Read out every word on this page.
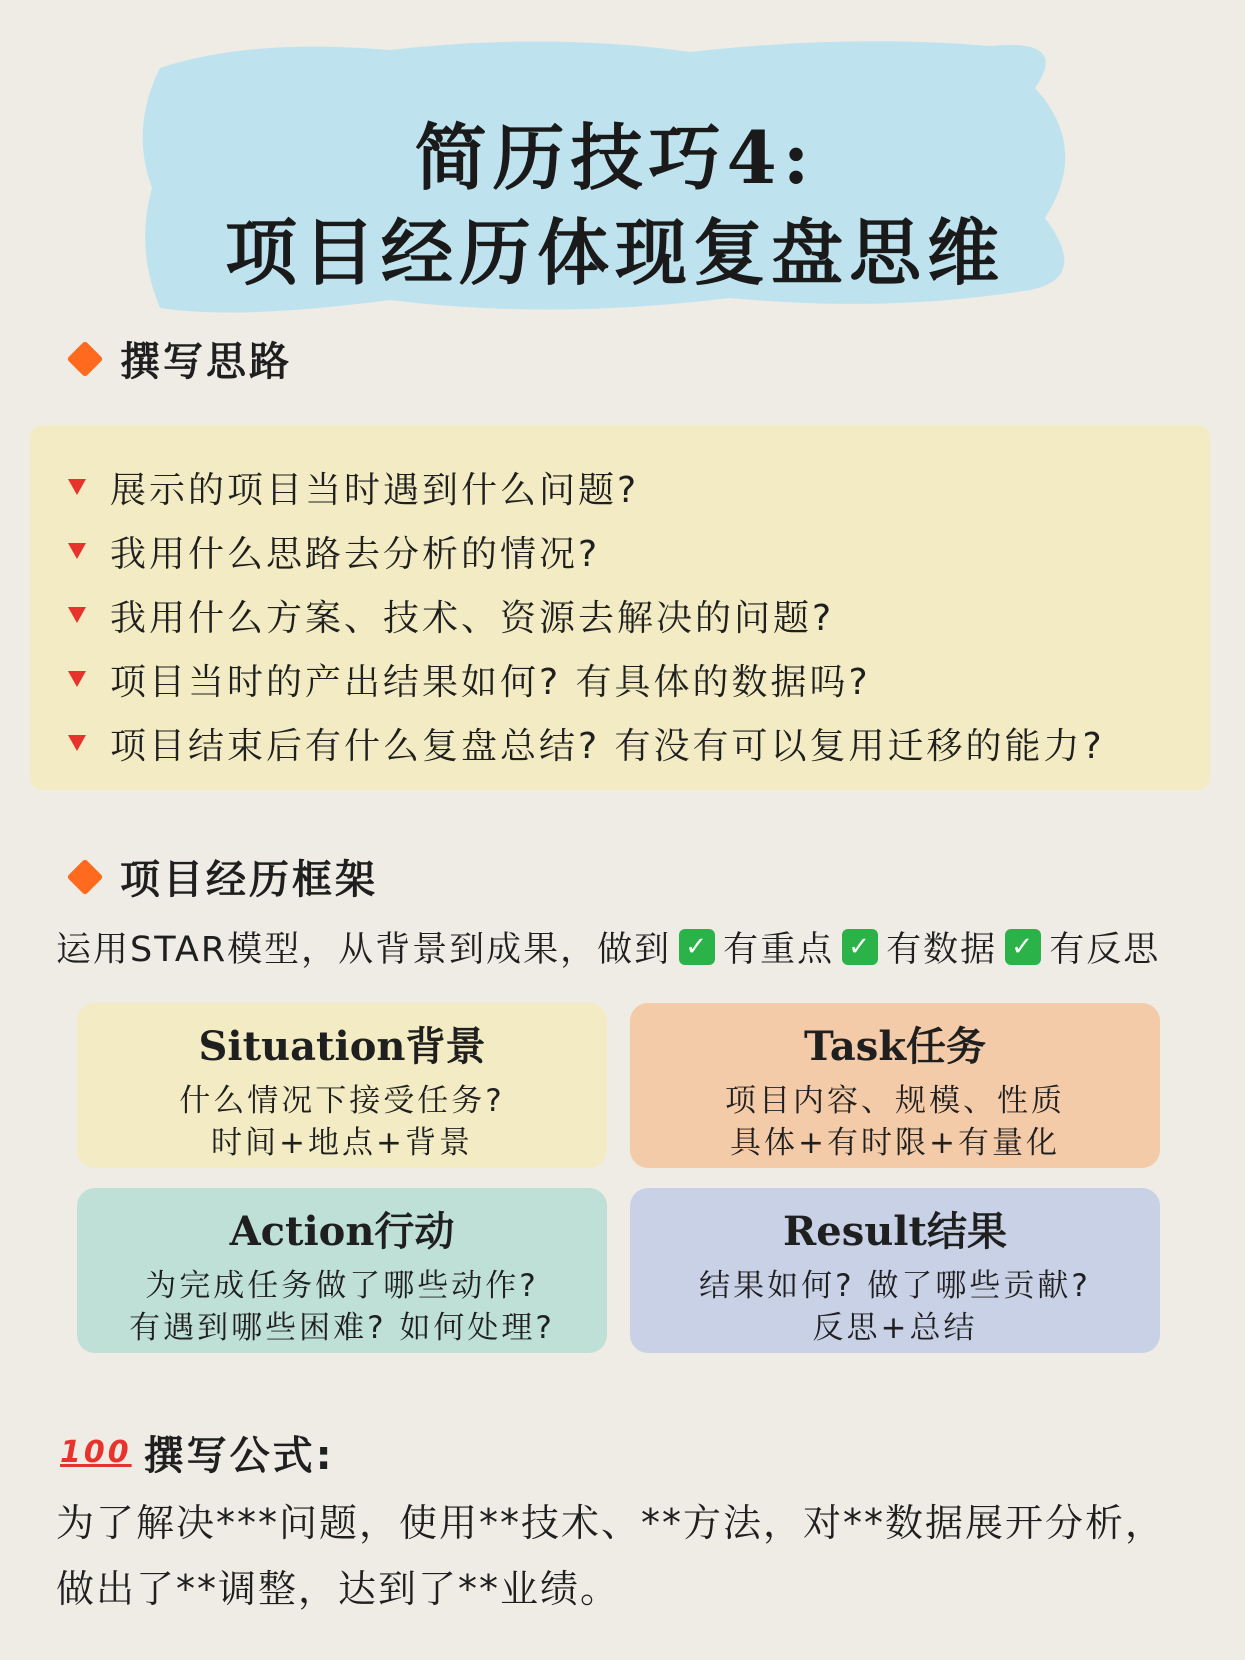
简历技巧4:
项目经历体现复盘思维
撰写思路
展示的项目当时遇到什么问题?
我用什么思路去分析的情况?
我用什么方案、技术、资源去解决的问题?
项目当时的产出结果如何? 有具体的数据吗?
项目结束后有什么复盘总结? 有没有可以复用迁移的能力?
项目经历框架
运用STAR模型，从背景到成果，做到 ✓ 有重点 ✓ 有数据 ✓ 有反思
Situation背景
什么情况下接受任务?
时间+地点+背景
Task任务
项目内容、规模、性质
具体+有时限+有量化
Action行动
为完成任务做了哪些动作?
有遇到哪些困难? 如何处理?
Result结果
结果如何? 做了哪些贡献?
反思+总结
100 撰写公式:
为了解决***问题，使用**技术、**方法，对**数据展开分析，做出了**调整，达到了**业绩。
